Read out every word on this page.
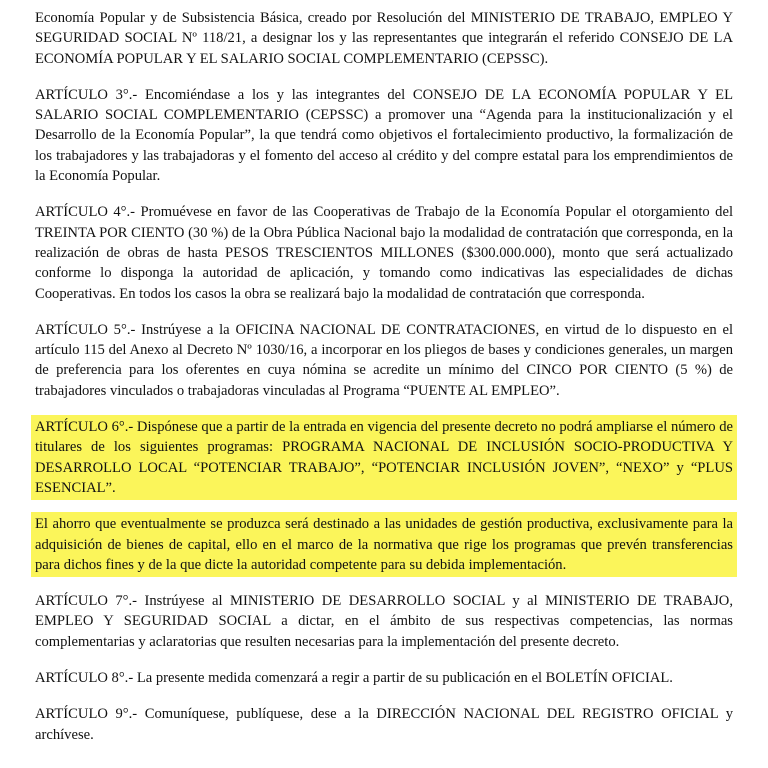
Economía Popular y de Subsistencia Básica, creado por Resolución del MINISTERIO DE TRABAJO, EMPLEO Y SEGURIDAD SOCIAL Nº 118/21, a designar los y las representantes que integrarán el referido CONSEJO DE LA ECONOMÍA POPULAR Y EL SALARIO SOCIAL COMPLEMENTARIO (CEPSSC).

ARTÍCULO 3°.- Encomiéndase a los y las integrantes del CONSEJO DE LA ECONOMÍA POPULAR Y EL SALARIO SOCIAL COMPLEMENTARIO (CEPSSC) a promover una “Agenda para la institucionalización y el Desarrollo de la Economía Popular”, la que tendrá como objetivos el fortalecimiento productivo, la formalización de los trabajadores y las trabajadoras y el fomento del acceso al crédito y del compre estatal para los emprendimientos de la Economía Popular.

ARTÍCULO 4°.- Promuévese en favor de las Cooperativas de Trabajo de la Economía Popular el otorgamiento del TREINTA POR CIENTO (30 %) de la Obra Pública Nacional bajo la modalidad de contratación que corresponda, en la realización de obras de hasta PESOS TRESCIENTOS MILLONES ($300.000.000), monto que será actualizado conforme lo disponga la autoridad de aplicación, y tomando como indicativas las especialidades de dichas Cooperativas. En todos los casos la obra se realizará bajo la modalidad de contratación que corresponda.

ARTÍCULO 5°.- Instrúyese a la OFICINA NACIONAL DE CONTRATACIONES, en virtud de lo dispuesto en el artículo 115 del Anexo al Decreto Nº 1030/16, a incorporar en los pliegos de bases y condiciones generales, un margen de preferencia para los oferentes en cuya nómina se acredite un mínimo del CINCO POR CIENTO (5 %) de trabajadores vinculados o trabajadoras vinculadas al Programa “PUENTE AL EMPLEO”.

ARTÍCULO 6°.- Dispónese que a partir de la entrada en vigencia del presente decreto no podrá ampliarse el número de titulares de los siguientes programas: PROGRAMA NACIONAL DE INCLUSIÓN SOCIO-PRODUCTIVA Y DESARROLLO LOCAL “POTENCIAR TRABAJO”, “POTENCIAR INCLUSIÓN JOVEN”, “NEXO” y “PLUS ESENCIAL”.

El ahorro que eventualmente se produzca será destinado a las unidades de gestión productiva, exclusivamente para la adquisición de bienes de capital, ello en el marco de la normativa que rige los programas que prevén transferencias para dichos fines y de la que dicte la autoridad competente para su debida implementación.

ARTÍCULO 7°.- Instrúyese al MINISTERIO DE DESARROLLO SOCIAL y al MINISTERIO DE TRABAJO, EMPLEO Y SEGURIDAD SOCIAL a dictar, en el ámbito de sus respectivas competencias, las normas complementarias y aclaratorias que resulten necesarias para la implementación del presente decreto.

ARTÍCULO 8°.- La presente medida comenzará a regir a partir de su publicación en el BOLETÍN OFICIAL.

ARTÍCULO 9°.- Comuníquese, publíquese, dese a la DIRECCIÓN NACIONAL DEL REGISTRO OFICIAL y archívese.
